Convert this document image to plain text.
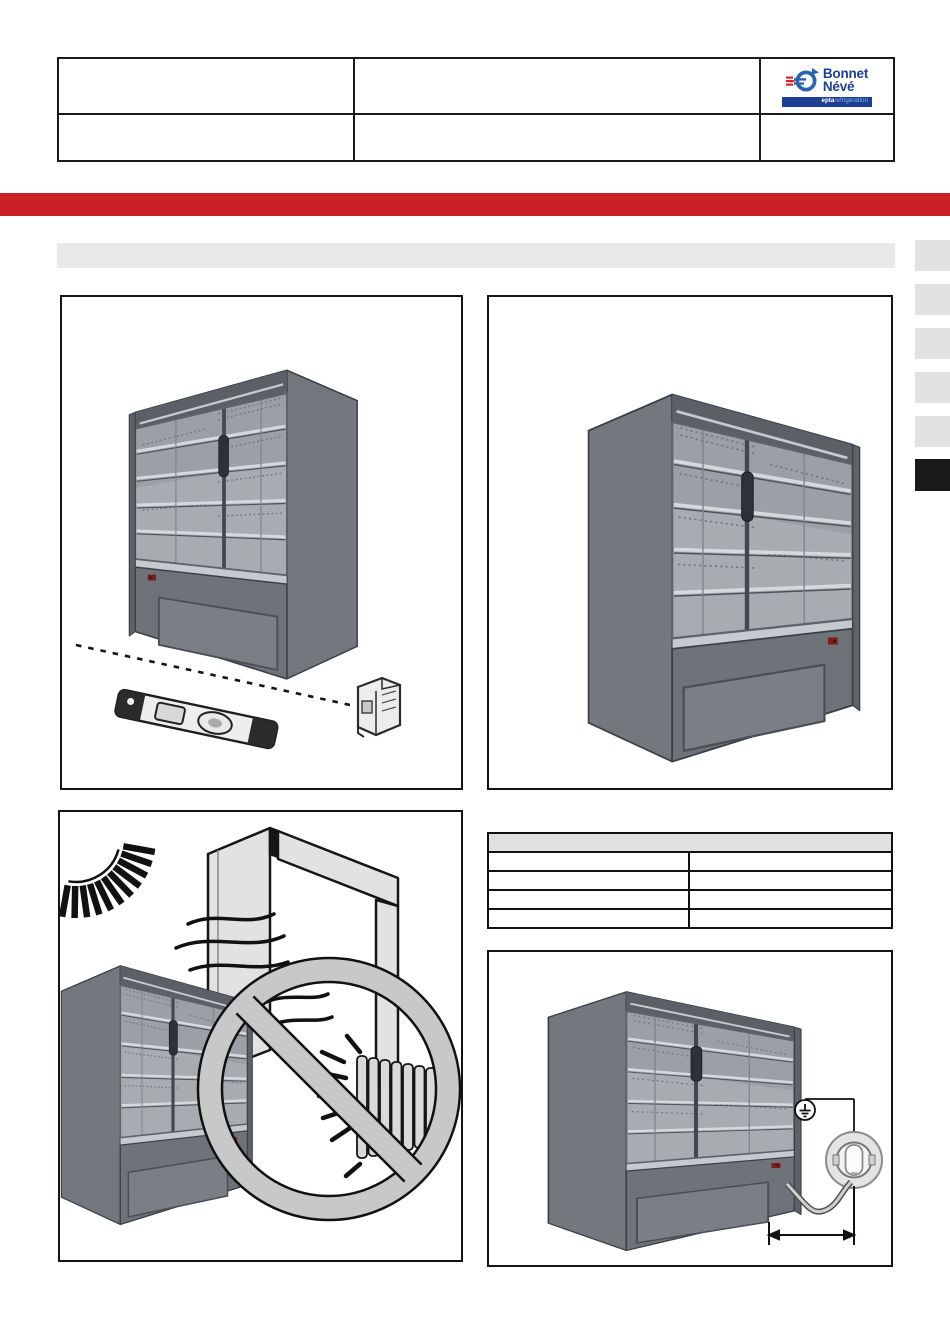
Bonnet
Névé
epta refrigeration
